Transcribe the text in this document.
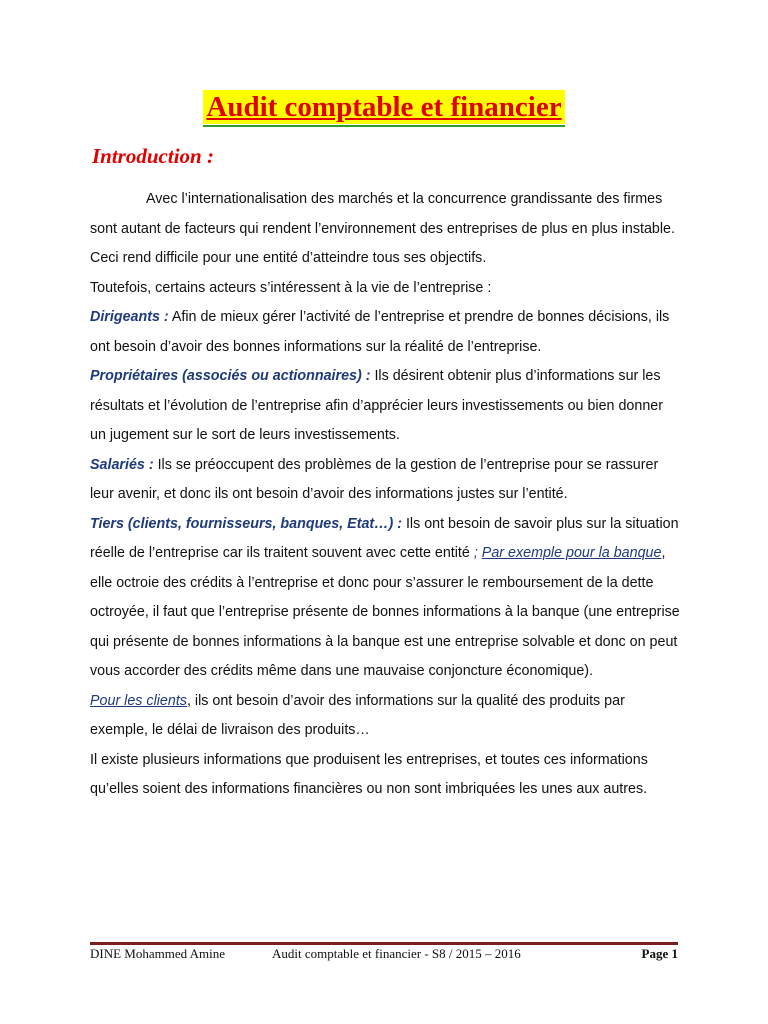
Audit comptable et financier
Introduction :

Avec l’internationalisation des marchés et la concurrence grandissante des firmes sont autant de facteurs qui rendent l’environnement des entreprises de plus en plus instable. Ceci rend difficile pour une entité d’atteindre tous ses objectifs.

Toutefois, certains acteurs s’intéressent à la vie de l’entreprise :

Dirigeants : Afin de mieux gérer l’activité de l’entreprise et prendre de bonnes décisions, ils ont besoin d’avoir des bonnes informations sur la réalité de l’entreprise.

Propriétaires (associés ou actionnaires) : Ils désirent obtenir plus d’informations sur les résultats et l’évolution de l’entreprise afin d’apprécier leurs investissements ou bien donner un jugement sur le sort de leurs investissements.

Salariés : Ils se préoccupent des problèmes de la gestion de l’entreprise pour se rassurer leur avenir, et donc ils ont besoin d’avoir des informations justes sur l’entité.

Tiers (clients, fournisseurs, banques, Etat…) : Ils ont besoin de savoir plus sur la situation réelle de l’entreprise car ils traitent souvent avec cette entité ; Par exemple pour la banque, elle octroie des crédits à l’entreprise et donc pour s’assurer le remboursement de la dette octroyée, il faut que l’entreprise présente de bonnes informations à la banque (une entreprise qui présente de bonnes informations à la banque est une entreprise solvable et donc on peut vous accorder des crédits même dans une mauvaise conjoncture économique).

Pour les clients, ils ont besoin d’avoir des informations sur la qualité des produits par exemple, le délai de livraison des produits…

Il existe plusieurs informations que produisent les entreprises, et toutes ces informations qu’elles soient des informations financières ou non sont imbriquées les unes aux autres.

DINE Mohammed Amine	Audit comptable et financier - S8 / 2015 – 2016	Page 1
